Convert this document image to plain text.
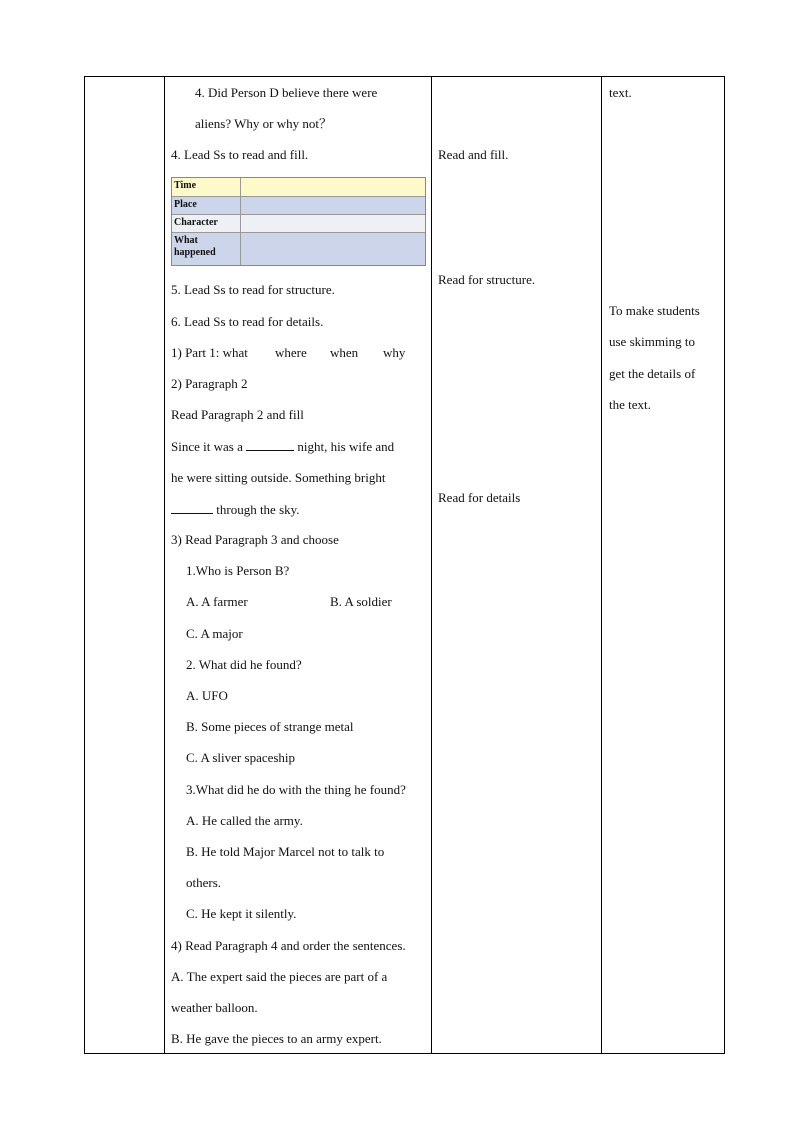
4. Did Person D believe there were
aliens? Why or why not？
4. Lead Ss to read and fill.
Time
Place
Character
What happened
5. Lead Ss to read for structure.
6. Lead Ss to read for details.
1) Part 1: what where when why
2) Paragraph 2
Read Paragraph 2 and fill
Since it was a	night, his wife and
he were sitting outside. Something bright
through the sky.
3) Read Paragraph 3 and choose
1.Who is Person B?
A. A farmer	B. A soldier
C. A major
2. What did he found?
A. UFO
B. Some pieces of strange metal
C. A sliver spaceship
3.What did he do with the thing he found?
A. He called the army.
B. He told Major Marcel not to talk to
others.
C. He kept it silently.
4) Read Paragraph 4 and order the sentences.
A. The expert said the pieces are part of a
weather balloon.
B. He gave the pieces to an army expert.
Read and fill.
Read for structure.
Read for details
text.
To make students
use skimming to
get the details of
the text.
